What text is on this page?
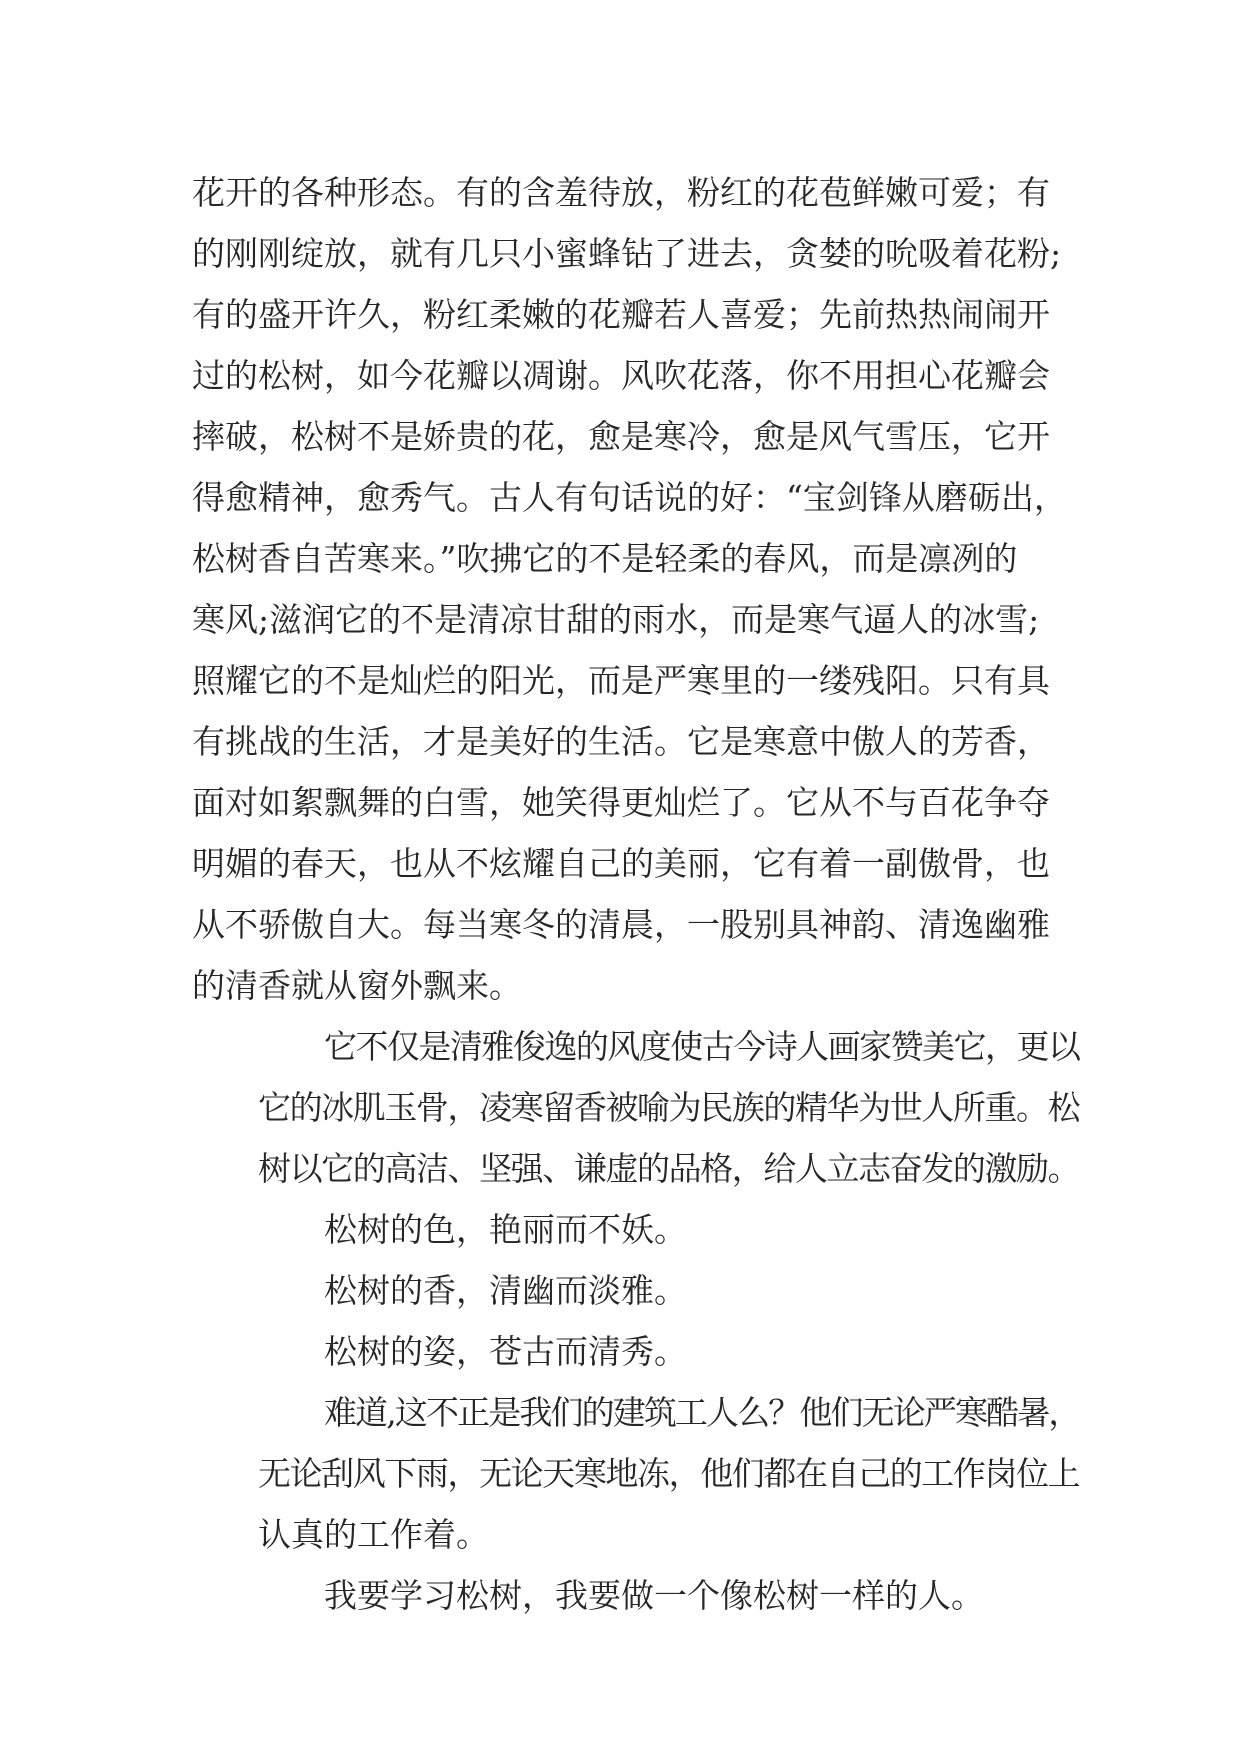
花开的各种形态。有的含羞待放，粉红的花苞鲜嫩可爱；有
的刚刚绽放，就有几只小蜜蜂钻了进去，贪婪的吮吸着花粉;
有的盛开许久，粉红柔嫩的花瓣若人喜爱；先前热热闹闹开
过的松树，如今花瓣以凋谢。风吹花落，你不用担心花瓣会
摔破，松树不是娇贵的花，愈是寒冷，愈是风气雪压，它开
得愈精神，愈秀气。古人有句话说的好：“宝剑锋从磨砺出，
松树香自苦寒来。”吹拂它的不是轻柔的春风，而是凛冽的
寒风;滋润它的不是清凉甘甜的雨水，而是寒气逼人的冰雪;
照耀它的不是灿烂的阳光，而是严寒里的一缕残阳。只有具
有挑战的生活，才是美好的生活。它是寒意中傲人的芳香，
面对如絮飘舞的白雪，她笑得更灿烂了。它从不与百花争夺
明媚的春天，也从不炫耀自己的美丽，它有着一副傲骨，也
从不骄傲自大。每当寒冬的清晨，一股别具神韵、清逸幽雅
的清香就从窗外飘来。
它不仅是清雅俊逸的风度使古今诗人画家赞美它，更以
它的冰肌玉骨，凌寒留香被喻为民族的精华为世人所重。松
树以它的高洁、坚强、谦虚的品格，给人立志奋发的激励。
松树的色，艳丽而不妖。
松树的香，清幽而淡雅。
松树的姿，苍古而清秀。
难道,这不正是我们的建筑工人么？他们无论严寒酷暑，
无论刮风下雨，无论天寒地冻，他们都在自己的工作岗位上
认真的工作着。
我要学习松树，我要做一个像松树一样的人。
